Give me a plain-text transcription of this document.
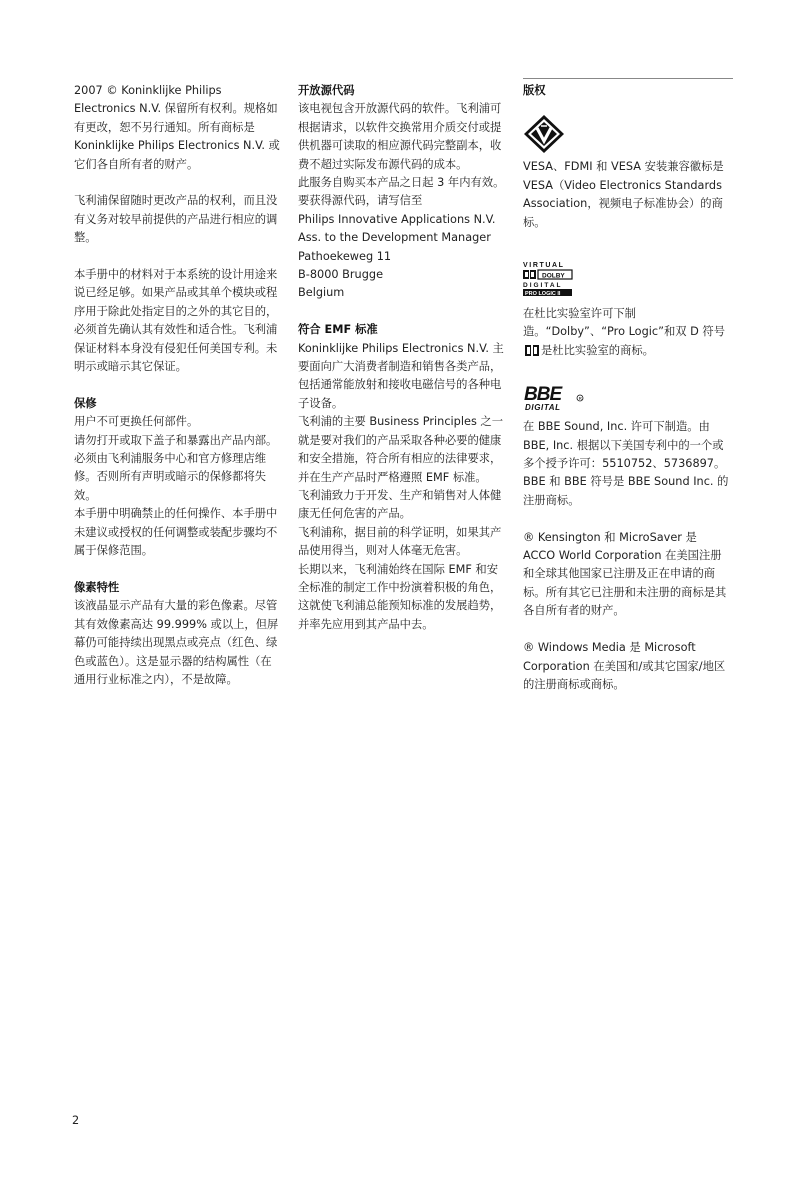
2007 © Koninklijke Philips Electronics N.V. 保留所有权利。规格如有更改，恕不另行通知。所有商标是 Koninklijke Philips Electronics N.V. 或它们各自所有者的财产。

飞利浦保留随时更改产品的权利，而且没有义务对较早前提供的产品进行相应的调整。

本手册中的材料对于本系统的设计用途来说已经足够。如果产品或其单个模块或程序用于除此处指定目的之外的其它目的，必须首先确认其有效性和适合性。飞利浦保证材料本身没有侵犯任何美国专利。未明示或暗示其它保证。

保修

用户不可更换任何部件。

请勿打开或取下盖子和暴露出产品内部。必须由飞利浦服务中心和官方修理店维修。否则所有声明或暗示的保修都将失效。

本手册中明确禁止的任何操作、本手册中未建议或授权的任何调整或装配步骤均不属于保修范围。

像素特性

该液晶显示产品有大量的彩色像素。尽管其有效像素高达 99.999% 或以上，但屏幕仍可能持续出现黑点或亮点（红色、绿色或蓝色）。这是显示器的结构属性（在通用行业标准之内），不是故障。

开放源代码

该电视包含开放源代码的软件。飞利浦可根据请求，以软件交换常用介质交付或提供机器可读取的相应源代码完整副本，收费不超过实际发布源代码的成本。

此服务自购买本产品之日起 3 年内有效。要获得源代码，请写信至

Philips Innovative Applications N.V.

Ass. to the Development Manager

Pathoekeweg 11

B-8000 Brugge

Belgium

符合 EMF 标准

Koninklijke Philips Electronics N.V. 主要面向广大消费者制造和销售各类产品，包括通常能放射和接收电磁信号的各种电子设备。

飞利浦的主要 Business Principles 之一就是要对我们的产品采取各种必要的健康和安全措施，符合所有相应的法律要求，并在生产产品时严格遵照 EMF 标准。

飞利浦致力于开发、生产和销售对人体健康无任何危害的产品。

飞利浦称，据目前的科学证明，如果其产品使用得当，则对人体毫无危害。

长期以来，飞利浦始终在国际 EMF 和安全标准的制定工作中扮演着积极的角色，这就使飞利浦总能预知标准的发展趋势，并率先应用到其产品中去。

版权

VESA、FDMI 和 VESA 安装兼容徽标是 VESA（Video Electronics Standards Association，视频电子标准协会）的商标。

VIRTUAL
DOLBY
DIGITAL
PRO LOGIC II

在杜比实验室许可下制造。“Dolby”、“Pro Logic”和双 D 符号是杜比实验室的商标。

BBE	R
DIGITAL

在 BBE Sound, Inc. 许可下制造。由 BBE, Inc. 根据以下美国专利中的一个或多个授予许可：5510752、5736897。BBE 和 BBE 符号是 BBE Sound Inc. 的注册商标。

® Kensington 和 MicroSaver 是 ACCO World Corporation 在美国注册和全球其他国家已注册及正在申请的商标。所有其它已注册和未注册的商标是其各自所有者的财产。

® Windows Media 是 Microsoft Corporation 在美国和/或其它国家/地区的注册商标或商标。

2
